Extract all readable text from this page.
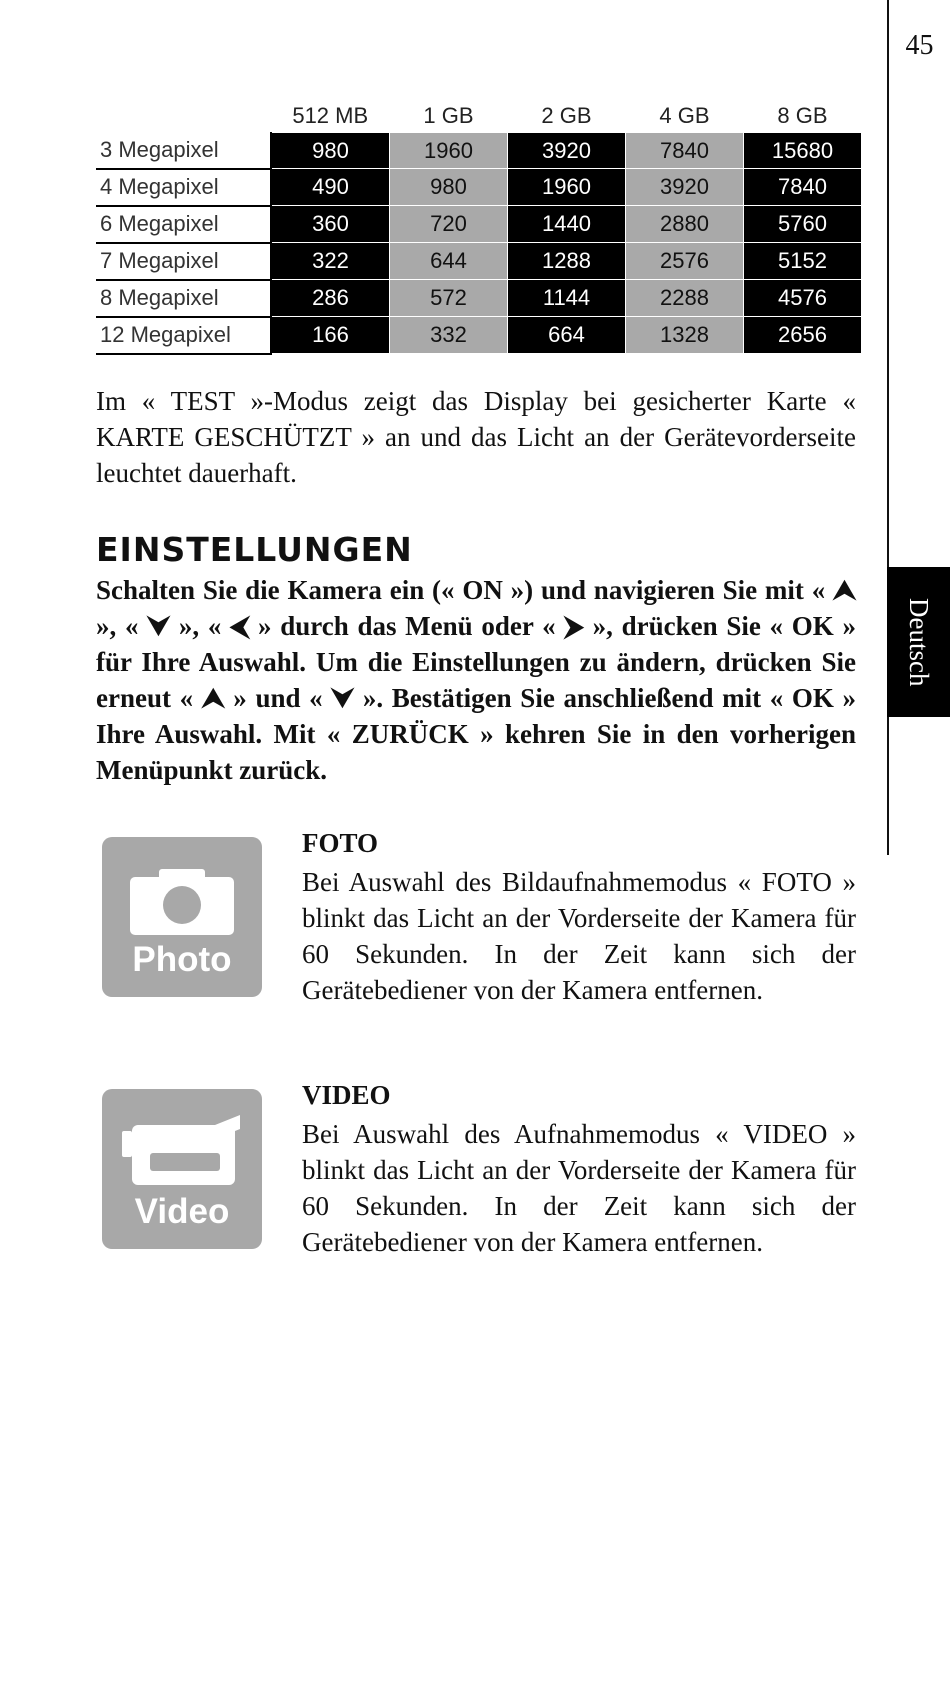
45
Deutsch
	512 MB	1 GB	2 GB	4 GB	8 GB
3 Megapixel	980	1960	3920	7840	15680
4 Megapixel	490	980	1960	3920	7840
6 Megapixel	360	720	1440	2880	5760
7 Megapixel	322	644	1288	2576	5152
8 Megapixel	286	572	1144	2288	4576
12 Megapixel	166	332	664	1328	2656

Im « TEST »-Modus zeigt das Display bei gesicherter Karte « KARTE GESCHÜTZT » an und das Licht an der Gerätevorderseite leuchtet dauerhaft.

EINSTELLUNGEN

Schalten Sie die Kamera ein (« ON ») und navigieren Sie mit « ⮝ », « ⮟ », « ⮜ » durch das Menü oder « ⮞ », drücken Sie « OK » für Ihre Auswahl. Um die Einstellungen zu ändern, drücken Sie erneut « ⮝ » und « ⮟ ». Bestätigen Sie anschließend mit « OK » Ihre Auswahl. Mit « ZURÜCK » kehren Sie in den vorherigen Menüpunkt zurück.

Photo
FOTO

Bei Auswahl des Bildaufnahmemodus « FOTO » blinkt das Licht an der Vorderseite der Kamera für 60 Sekunden. In der Zeit kann sich der Gerätebediener von der Kamera entfernen.

Video
VIDEO

Bei Auswahl des Aufnahmemodus « VIDEO » blinkt das Licht an der Vorderseite der Kamera für 60 Sekunden. In der Zeit kann sich der Gerätebediener von der Kamera entfernen.
